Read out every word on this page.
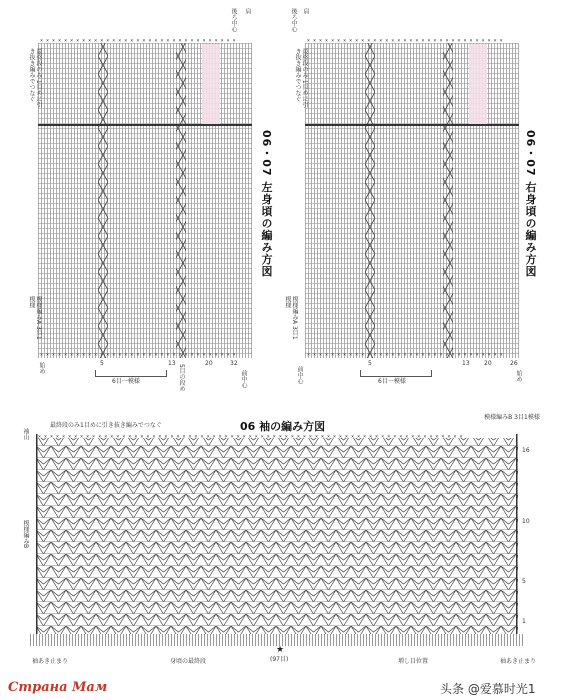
× × × × × × × × × × × × × × × × × × × × × × × × × × × × × × × × ×
× × × × × × × × × × × × × × × × × × × × × × × × × × × × × × × × ×
後ろ中心 肩
最終段のみ 1目めに引き抜き編みでつなぐ
模様編みA 3目1模様
始め
06・07 左身頃の編み方図
5	13	20	32
6目一模様	5目の段め	前中心
× × × × × × × × × × × × × × × × × × × × × × × × × × × × × × × × ×
× × × × × × × × × × × × × × × × × × × × × × × × × × × × × × × × ×
後ろ中心 肩
最終段のみ 1目めに引き抜き編みでつなぐ
模様編みA 3目1模様
前中心
06・07 右身頃の編み方図
5	13 20	26
6目一模様	始め
06 袖の編み方図
最終段のみ1目めに引き抜き編みでつなぐ
袖山
模様編みB 3目1模様
模様編みB
× × × × × × × × × × × × × × × × × × × × × × × × × × × × × × × × × × × × × × × × × × × × × × × × × × × × × × × × × × × × × × × × × × × × × × ×
16
10
5
1
袖あき止まり	身頃の最終段
★
(97目)	増し目位置	袖あき止まり
Страна Мам	头条 @爱慕时光1
